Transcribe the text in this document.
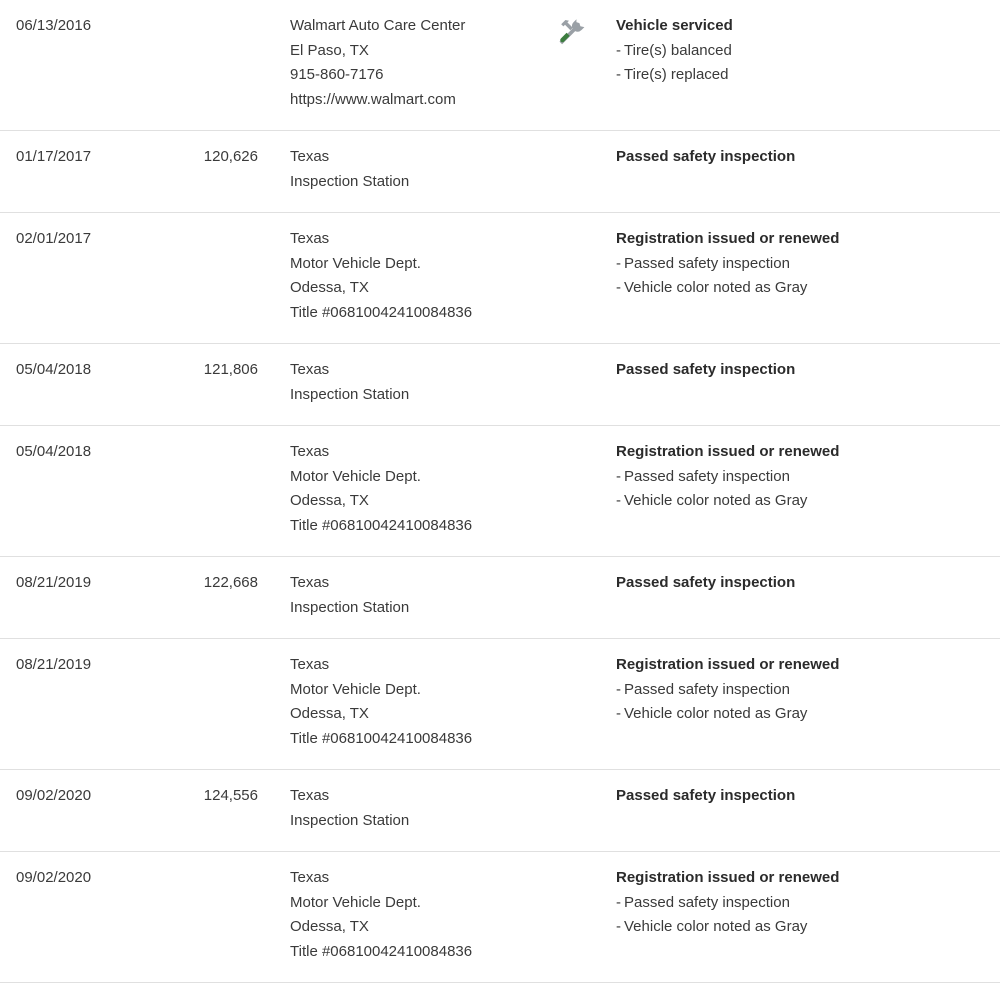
06/13/2016		Walmart Auto Care Center
El Paso, TX
915-860-7176
https://www.walmart.com		Vehicle serviced
- Tire(s) balanced
- Tire(s) replaced

01/17/2017	120,626	Texas
Inspection Station		Passed safety inspection

02/01/2017		Texas
Motor Vehicle Dept.
Odessa, TX
Title #06810042410084836		Registration issued or renewed
- Passed safety inspection
- Vehicle color noted as Gray

05/04/2018	121,806	Texas
Inspection Station		Passed safety inspection

05/04/2018		Texas
Motor Vehicle Dept.
Odessa, TX
Title #06810042410084836		Registration issued or renewed
- Passed safety inspection
- Vehicle color noted as Gray

08/21/2019	122,668	Texas
Inspection Station		Passed safety inspection

08/21/2019		Texas
Motor Vehicle Dept.
Odessa, TX
Title #06810042410084836		Registration issued or renewed
- Passed safety inspection
- Vehicle color noted as Gray

09/02/2020	124,556	Texas
Inspection Station		Passed safety inspection

09/02/2020		Texas
Motor Vehicle Dept.
Odessa, TX
Title #06810042410084836		Registration issued or renewed
- Passed safety inspection
- Vehicle color noted as Gray
